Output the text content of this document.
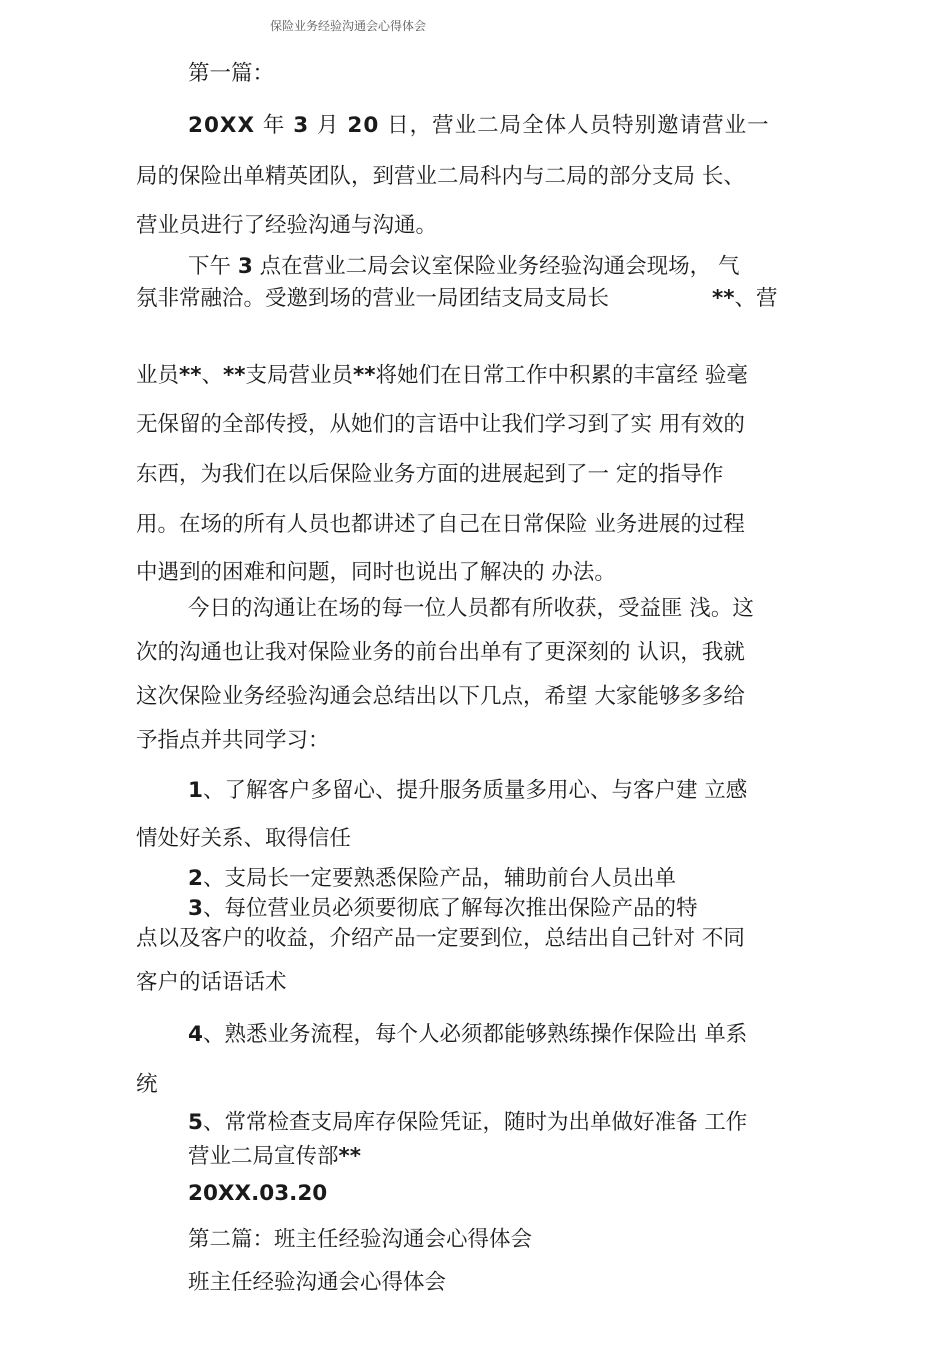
保险业务经验沟通会心得体会
第一篇：
20XX 年 3 月 20 日，营业二局全体人员特别邀请营业一
局的保险出单精英团队，到营业二局科内与二局的部分支局 长、
营业员进行了经验沟通与沟通。
下午 3 点在营业二局会议室保险业务经验沟通会现场， 气
氛非常融洽。受邀到场的营业一局团结支局支局长	**、营
业员**、**支局营业员**将她们在日常工作中积累的丰富经 验毫
无保留的全部传授，从她们的言语中让我们学习到了实 用有效的
东西，为我们在以后保险业务方面的进展起到了一 定的指导作
用。在场的所有人员也都讲述了自己在日常保险 业务进展的过程
中遇到的困难和问题，同时也说出了解决的 办法。
今日的沟通让在场的每一位人员都有所收获，受益匪 浅。这
次的沟通也让我对保险业务的前台出单有了更深刻的 认识，我就
这次保险业务经验沟通会总结出以下几点，希望 大家能够多多给
予指点并共同学习：
1、了解客户多留心、提升服务质量多用心、与客户建 立感
情处好关系、取得信任
2、支局长一定要熟悉保险产品，辅助前台人员出单
3、每位营业员必须要彻底了解每次推出保险产品的特
点以及客户的收益，介绍产品一定要到位，总结出自己针对 不同
客户的话语话术
4、熟悉业务流程，每个人必须都能够熟练操作保险出 单系
统
5、常常检查支局库存保险凭证，随时为出单做好准备 工作
营业二局宣传部**
20XX.03.20
第二篇：班主任经验沟通会心得体会
班主任经验沟通会心得体会
